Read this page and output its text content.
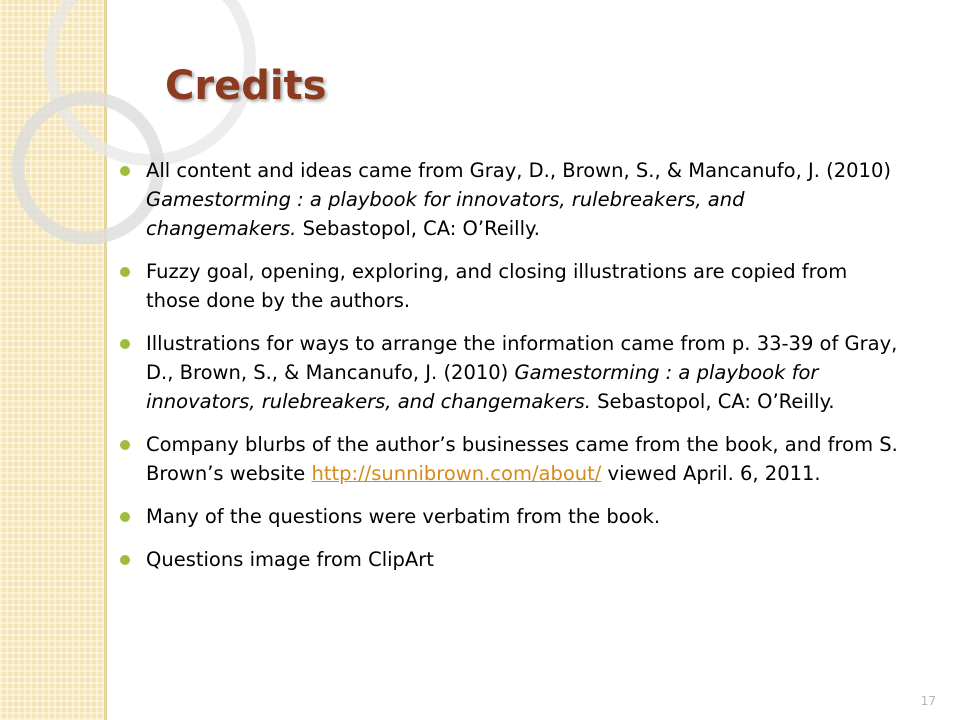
Credits
All content and ideas came from Gray, D., Brown, S., & Mancanufo, J. (2010) Gamestorming : a playbook for innovators, rulebreakers, and changemakers. Sebastopol, CA: O’Reilly.
Fuzzy goal, opening, exploring, and closing illustrations are copied from those done by the authors.
Illustrations for ways to arrange the information came from p. 33-39 of Gray, D., Brown, S., & Mancanufo, J. (2010) Gamestorming : a playbook for innovators, rulebreakers, and changemakers. Sebastopol, CA: O’Reilly.
Company blurbs of the author’s businesses came from the book, and from S. Brown’s website http://sunnibrown.com/about/ viewed April. 6, 2011.
Many of the questions were verbatim from the book.
Questions image from ClipArt
17
